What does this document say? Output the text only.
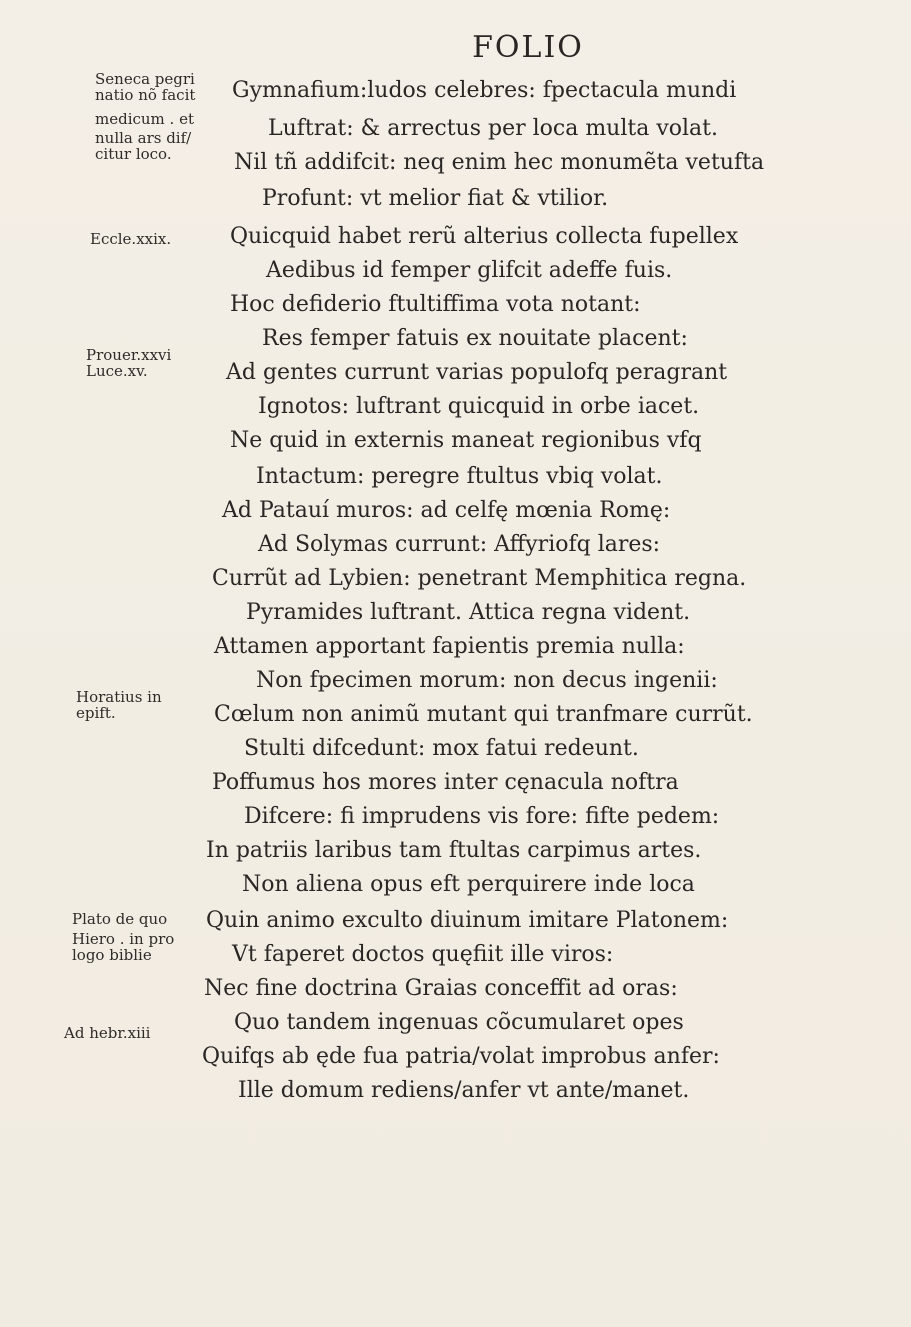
FOLIO
Seneca pegri
natio nõ facit
medicum . et
nulla ars dif/
citur loco.
Eccle.xxix.
Prouer.xxvi
Luce.xv.
Horatius in
epift.
Plato de quo
Hiero . in pro
logo biblie
Ad hebr.xiii
Gymnafium:ludos celebres: fpectacula mundi
Luftrat: & arrectus per loca multa volat.
Nil tñ addifcit: neq enim hec monumẽta vetufta
Profunt: vt melior fiat & vtilior.
Quicquid habet rerũ alterius collecta fupellex
Aedibus id femper glifcit adeffe fuis.
Hoc defiderio ftultiffima vota notant:
Res femper fatuis ex nouitate placent:
Ad gentes currunt varias populofq peragrant
Ignotos: luftrant quicquid in orbe iacet.
Ne quid in externis maneat regionibus vfq
Intactum: peregre ftultus vbiq volat.
Ad Patauí muros: ad celfę mœnia Romę:
Ad Solymas currunt: Affyriofq lares:
Currũt ad Lybien: penetrant Memphitica regna.
Pyramides luftrant. Attica regna vident.
Attamen apportant fapientis premia nulla:
Non fpecimen morum: non decus ingenii:
Cœlum non animũ mutant qui tranfmare currũt.
Stulti difcedunt: mox fatui redeunt.
Poffumus hos mores inter cęnacula noftra
Difcere: fi imprudens vis fore: fifte pedem:
In patriis laribus tam ftultas carpimus artes.
Non aliena opus eft perquirere inde loca
Quin animo exculto diuinum imitare Platonem:
Vt faperet doctos quęfiit ille viros:
Nec fine doctrina Graias conceffit ad oras:
Quo tandem ingenuas cõcumularet opes
Quifqs ab ęde fua patria/volat improbus anfer:
Ille domum rediens/anfer vt ante/manet.
